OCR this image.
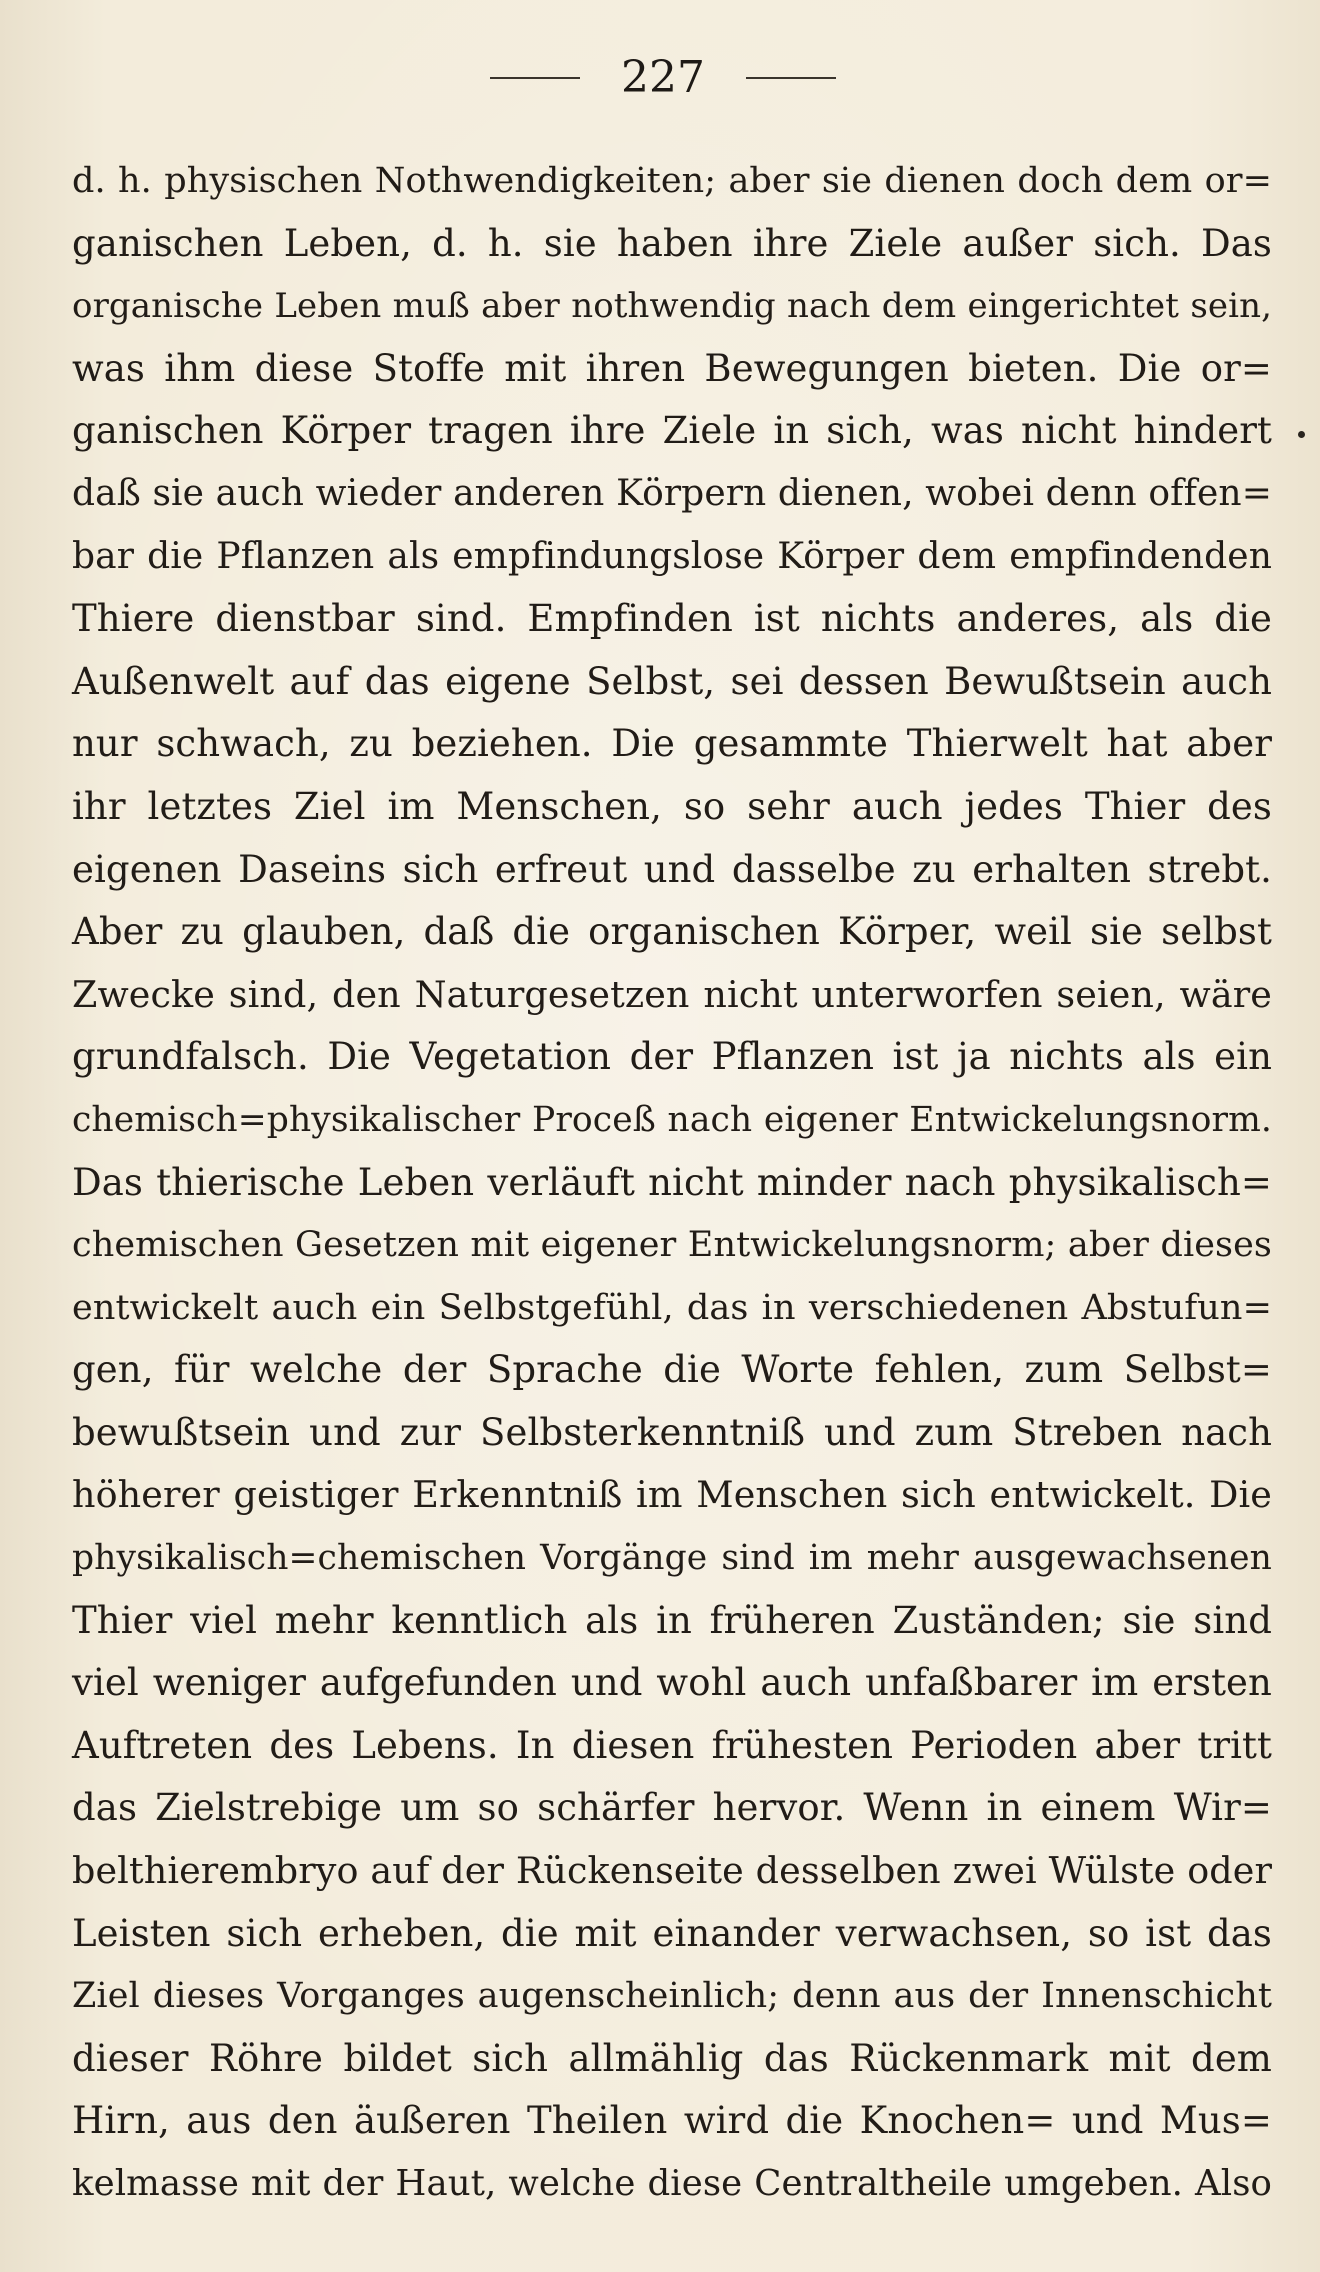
227
d. h. physischen Nothwendigkeiten; aber sie dienen doch dem or=
ganischen Leben, d. h. sie haben ihre Ziele außer sich. Das
organische Leben muß aber nothwendig nach dem eingerichtet sein,
was ihm diese Stoffe mit ihren Bewegungen bieten. Die or=
ganischen Körper tragen ihre Ziele in sich, was nicht hindert
daß sie auch wieder anderen Körpern dienen, wobei denn offen=
bar die Pflanzen als empfindungslose Körper dem empfindenden
Thiere dienstbar sind. Empfinden ist nichts anderes, als die
Außenwelt auf das eigene Selbst, sei dessen Bewußtsein auch
nur schwach, zu beziehen. Die gesammte Thierwelt hat aber
ihr letztes Ziel im Menschen, so sehr auch jedes Thier des
eigenen Daseins sich erfreut und dasselbe zu erhalten strebt.
Aber zu glauben, daß die organischen Körper, weil sie selbst
Zwecke sind, den Naturgesetzen nicht unterworfen seien, wäre
grundfalsch. Die Vegetation der Pflanzen ist ja nichts als ein
chemisch=physikalischer Proceß nach eigener Entwickelungsnorm.
Das thierische Leben verläuft nicht minder nach physikalisch=
chemischen Gesetzen mit eigener Entwickelungsnorm; aber dieses
entwickelt auch ein Selbstgefühl, das in verschiedenen Abstufun=
gen, für welche der Sprache die Worte fehlen, zum Selbst=
bewußtsein und zur Selbsterkenntniß und zum Streben nach
höherer geistiger Erkenntniß im Menschen sich entwickelt. Die
physikalisch=chemischen Vorgänge sind im mehr ausgewachsenen
Thier viel mehr kenntlich als in früheren Zuständen; sie sind
viel weniger aufgefunden und wohl auch unfaßbarer im ersten
Auftreten des Lebens. In diesen frühesten Perioden aber tritt
das Zielstrebige um so schärfer hervor. Wenn in einem Wir=
belthierembryo auf der Rückenseite desselben zwei Wülste oder
Leisten sich erheben, die mit einander verwachsen, so ist das
Ziel dieses Vorganges augenscheinlich; denn aus der Innenschicht
dieser Röhre bildet sich allmählig das Rückenmark mit dem
Hirn, aus den äußeren Theilen wird die Knochen= und Mus=
kelmasse mit der Haut, welche diese Centraltheile umgeben. Also
